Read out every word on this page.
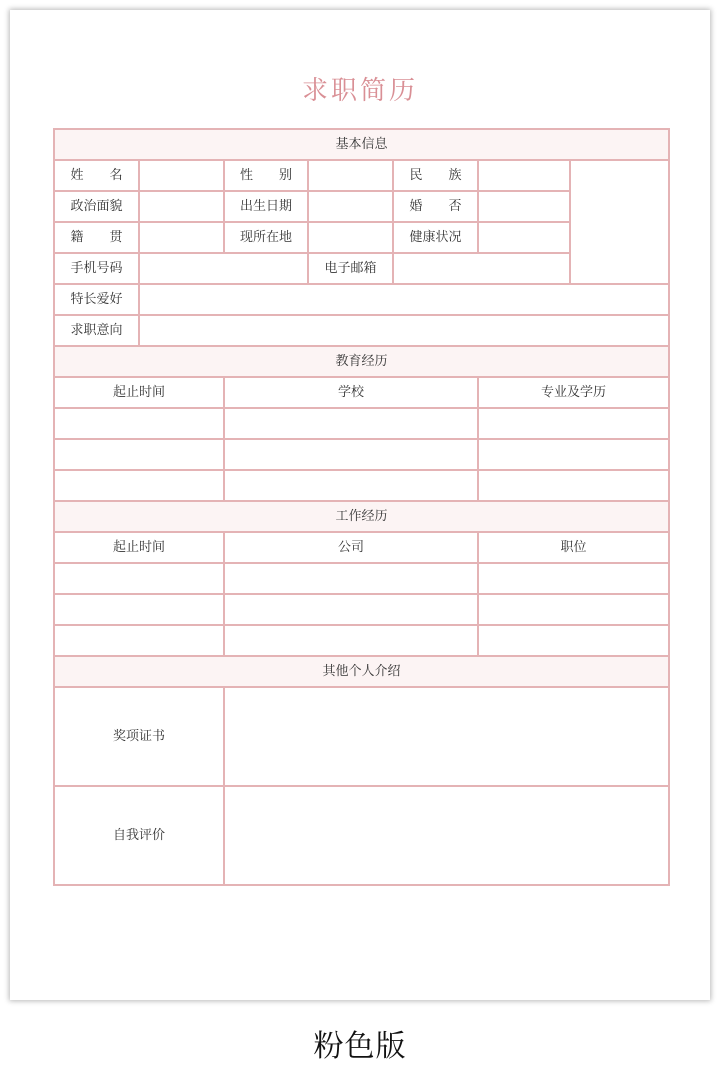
求职简历
基本信息						
姓名		性别		民族		
政治面貌		出生日期		婚否		
籍贯		现所在地		健康状况		
手机号码			电子邮箱			
特长爱好						
求职意向						
教育经历						
起止时间		学校			专业及学历	

工作经历						
起止时间		公司			职位	

其他个人介绍						
奖项证书						
自我评价						
粉色版
